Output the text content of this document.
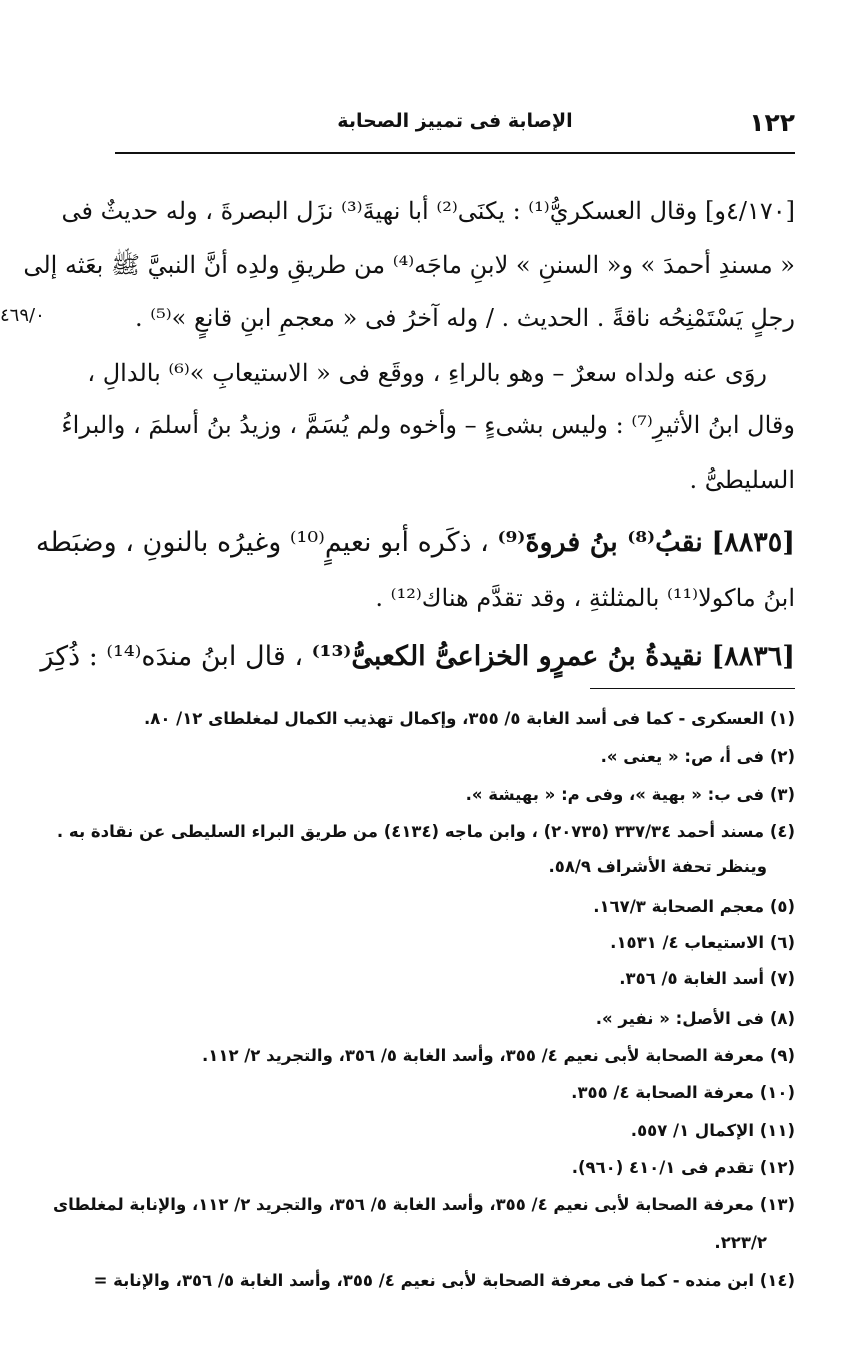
١٢٢
الإصابة فى تمييز الصحابة
٤٦٩/٠
[٤/١٧٠و] وقال العسكريُّ⁽¹⁾ : يكنَى⁽²⁾ أبا نهيةَ⁽³⁾ نزَل البصرةَ ، وله حديثٌ فى
« مسندِ أحمدَ » و« السننِ » لابنِ ماجَه⁽⁴⁾ من طريقِ ولدِه أنَّ النبيَّ ﷺ بعَثه إلى
رجلٍ يَسْتَمْنِحُه ناقةً . الحديث . / وله آخرُ فى « معجمِ ابنِ قانعٍ »⁽⁵⁾ .
روَى عنه ولداه سعرٌ – وهو بالراءِ ، ووقَع فى « الاستيعابِ »⁽⁶⁾ بالدالِ ،
وقال ابنُ الأثيرِ⁽⁷⁾ : وليس بشىءٍ – وأخوه ولم يُسَمَّ ، وزيدُ بنُ أسلمَ ، والبراءُ
السليطىُّ .
[٨٨٣٥] نقبُ⁽⁸⁾ بنُ فروةَ⁽⁹⁾ ، ذكَره أبو نعيمٍ⁽¹⁰⁾ وغيرُه بالنونِ ، وضبَطه
ابنُ ماكولا⁽¹¹⁾ بالمثلثةِ ، وقد تقدَّم هناك⁽¹²⁾ .
[٨٨٣٦] نقيدةُ بنُ عمرٍو الخزاعىُّ الكعبىُّ⁽¹³⁾ ، قال ابنُ مندَه⁽¹⁴⁾ : ذُكِرَ
(١) العسكرى - كما فى أسد الغابة ٥/ ٣٥٥، وإكمال تهذيب الكمال لمغلطاى ١٢/ ٨٠.
(٢) فى أ، ص: « يعنى ».
(٣) فى ب: « بهية »، وفى م: « بهيشة ».
(٤) مسند أحمد ٣٣٧/٣٤ (٢٠٧٣٥) ، وابن ماجه (٤١٣٤) من طريق البراء السليطى عن نقادة به .
وينظر تحفة الأشراف ٥٨/٩.
(٥) معجم الصحابة ١٦٧/٣.
(٦) الاستيعاب ٤/ ١٥٣١.
(٧) أسد الغابة ٥/ ٣٥٦.
(٨) فى الأصل: « نفير ».
(٩) معرفة الصحابة لأبى نعيم ٤/ ٣٥٥، وأسد الغابة ٥/ ٣٥٦، والتجريد ٢/ ١١٢.
(١٠) معرفة الصحابة ٤/ ٣٥٥.
(١١) الإكمال ١/ ٥٥٧.
(١٢) تقدم فى ٤١٠/١ (٩٦٠).
(١٣) معرفة الصحابة لأبى نعيم ٤/ ٣٥٥، وأسد الغابة ٥/ ٣٥٦، والتجريد ٢/ ١١٢، والإنابة لمغلطاى
٢٢٣/٢.
(١٤) ابن منده - كما فى معرفة الصحابة لأبى نعيم ٤/ ٣٥٥، وأسد الغابة ٥/ ٣٥٦، والإنابة =
